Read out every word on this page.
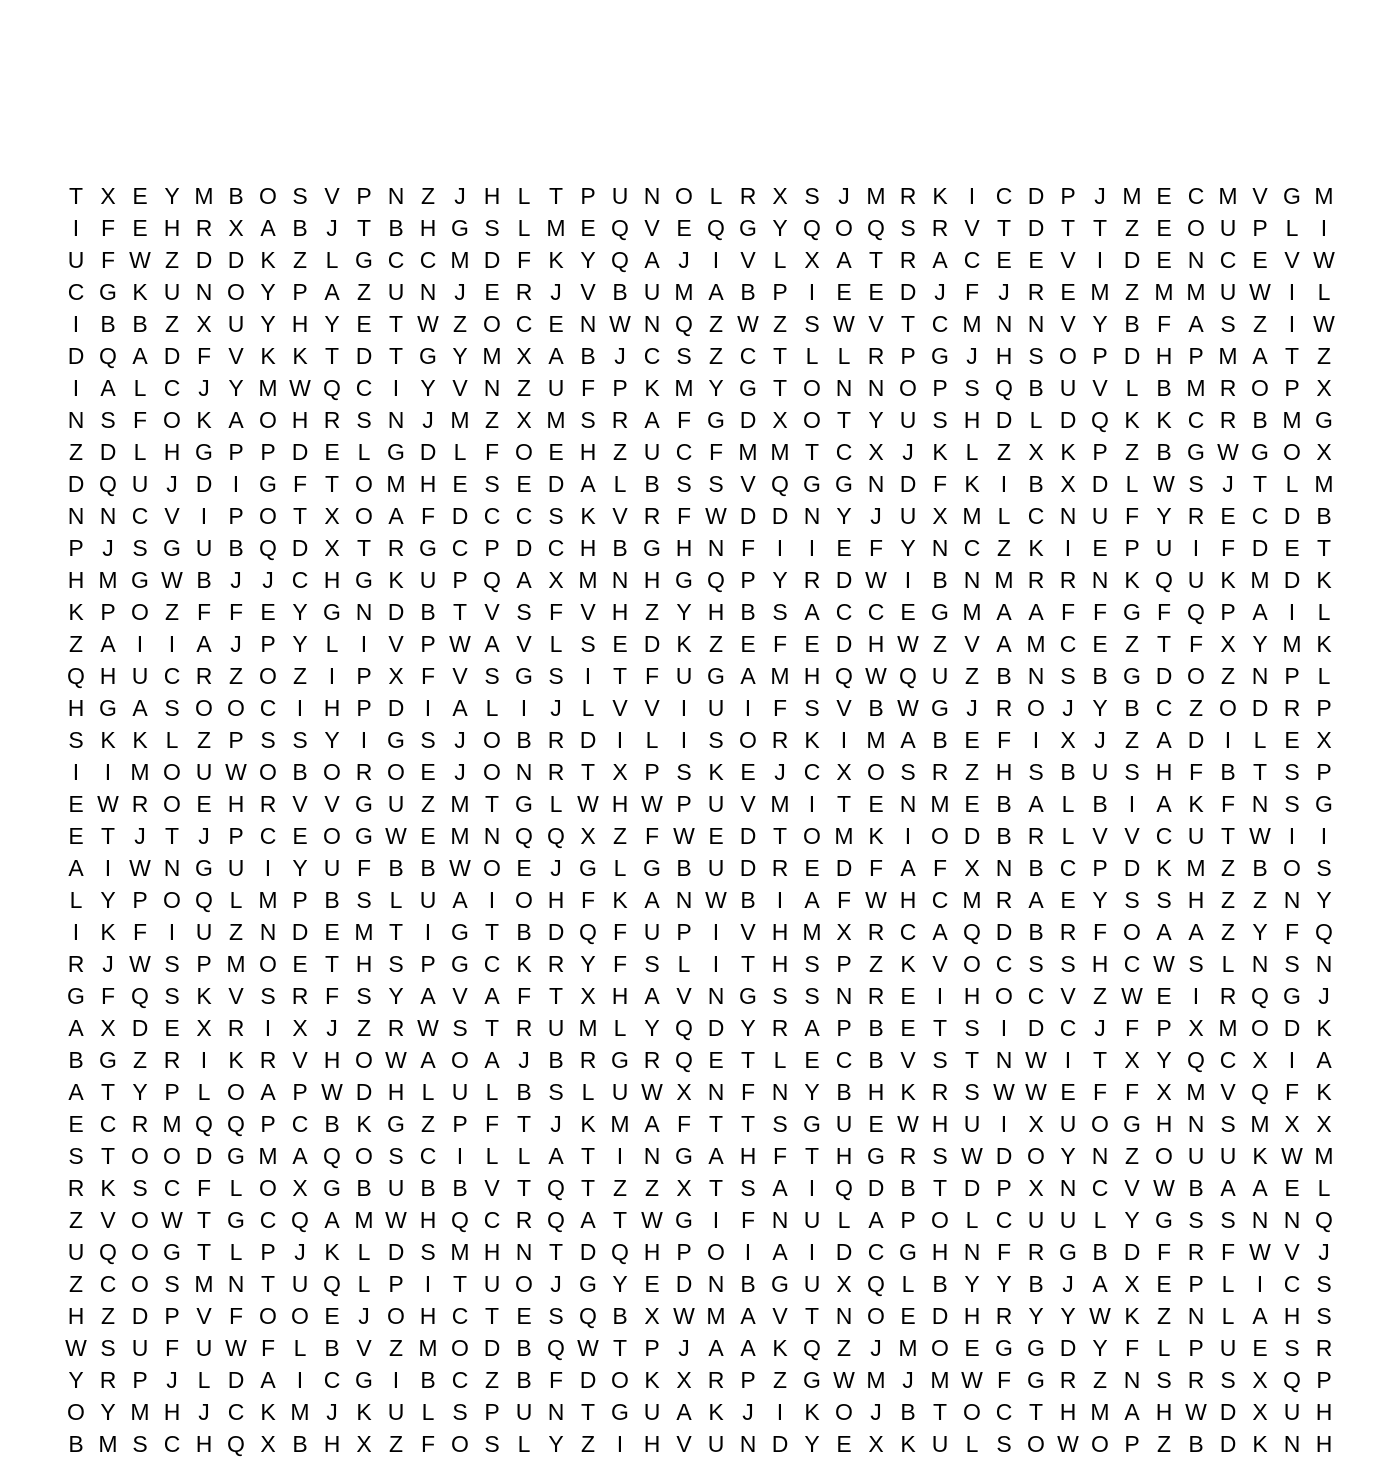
T X E Y M B O S V P N Z J H L T P U N O L R X S J M R K I C D P J M E C M V G M
I F E H R X A B J T B H G S L M E Q V E Q G Y Q O Q S R V T D T T Z E O U P L I
U F W Z D D K Z L G C C M D F K Y Q A J	I V L X A T R A C E E V I D E N C E V W
C G K U N O Y P A Z U N J E R J V B U M A B P I E E D J F J R E M Z M M U W I L
I B B Z X U Y H Y E T W Z O C E N W N Q Z W Z S W V T C M N N V Y B F A S Z I W
D Q A D F V K K T D T G Y M X A B J C S Z C T L L R P G J H S O P D H P M A T Z
I A L C J Y M W Q C I Y V N Z U F P K M Y G T O N N O P S Q B U V L B M R O P X
N S F O K A O H R S N J M Z X M S R A F G D X O T Y U S H D L D Q K K C R B M G
Z D L H G P P D E L G D L F O E H Z U C F M M T C X J K L Z X K P Z B G W G O X
D Q U J D I G F T O M H E S E D A L B S S V Q G G N D F K I B X D L W S J T L M
N N C V I P O T X O A F D C C S K V R F W D D N Y J U X M L C N U F Y R E C D B
P J S G U B Q D X T R G C P D C H B G H N F I	I E F Y N C Z K I E P U I F D E T
H M G W B J J C H G K U P Q A X M N H G Q P Y R D W I B N M R R N K Q U K M D K
K P O Z F F E Y G N D B T V S F V H Z Y H B S A C C E G M A A F F G F Q P A I L
Z A I	I A J P Y L I V P W A V L S E D K Z E F E D H W Z V A M C E Z T F X Y M K
Q H U C R Z O Z I P X F V S G S I T F U G A M H Q W Q U Z B N S B G D O Z N P L
H G A S O O C I H P D I A L I	J L V V I U I F S V B W G J R O J Y B C Z O D R P
S K K L Z P S S Y I G S J O B R D I L I S O R K I M A B E F I X J Z A D I L E X
I	I M O U W O B O R O E J O N R T X P S K E J C X O S R Z H S B U S H F B T S P
E W R O E H R V V G U Z M T G L W H W P U V M I T E N M E B A L B I A K F N S G
E T J T J P C E O G W E M N Q Q X Z F W E D T O M K I O D B R L V V C U T W I	I
A I W N G U I Y U F B B W O E J G L G B U D R E D F A F X N B C P D K M Z B O S
L Y P O Q L M P B S L U A I O H F K A N W B I A F W H C M R A E Y S S H Z Z N Y
I K F I U Z N D E M T I G T B D Q F U P I V H M X R C A Q D B R F O A A Z Y F Q
R J W S P M O E T H S P G C K R Y F S L I T H S P Z K V O C S S H C W S L N S N
G F Q S K V S R F S Y A V A F T X H A V N G S S N R E I H O C V Z W E I R Q G J
A X D E X R I X J Z R W S T R U M L Y Q D Y R A P B E T S I D C J F P X M O D K
B G Z R I K R V H O W A O A J B R G R Q E T L E C B V S T N W I T X Y Q C X I A
A T Y P L O A P W D H L U L B S L U W X N F N Y B H K R S W W E F F X M V Q F K
E C R M Q Q P C B K G Z P F T J K M A F T T S G U E W H U I X U O G H N S M X X
S T O O D G M A Q O S C I L L A T I N G A H F T H G R S W D O Y N Z O U U K W M
R K S C F L O X G B U B B V T Q T Z Z X T S A I Q D B T D P X N C V W B A A E L
Z V O W T G C Q A M W H Q C R Q A T W G I F N U L A P O L C U U L Y G S S N N Q
U Q O G T L P J K L D S M H N T D Q H P O I A I D C G H N F R G B D F R F W V J
Z C O S M N T U Q L P I T U O J G Y E D N B G U X Q L B Y Y B J A X E P L I C S
H Z D P V F O O E J O H C T E S Q B X W M A V T N O E D H R Y Y W K Z N L A H S
W S U F U W F L B V Z M O D B Q W T P J A A K Q Z J M O E G G D Y F L P U E S R
Y R P J L D A I C G I B C Z B F D O K X R P Z G W M J M W F G R Z N S R S X Q P
O Y M H J C K M J K U L S P U N T G U A K J	I K O J B T O C T H M A H W D X U H
B M S C H Q X B H X Z F O S L Y Z I H V U N D Y E X K U L S O W O P Z B D K N H
